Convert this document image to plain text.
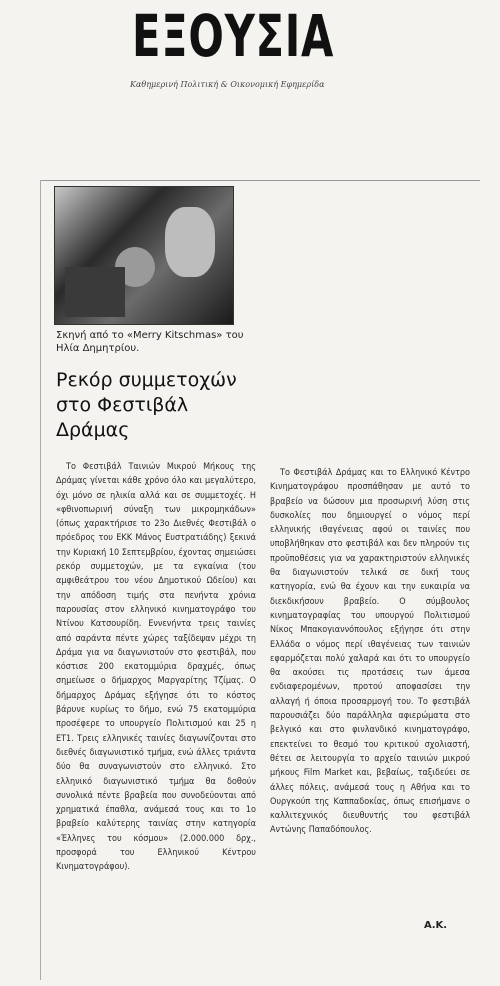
ΕΞΟΥΣΙΑ
Καθημερινή Πολιτική & Οικονομική Εφημερίδα
Σκηνή από το «Merry Kitschmas» του Ηλία Δημητρίου.
Ρεκόρ συμμετοχών στο Φεστιβάλ Δράμας

Το Φεστιβάλ Ταινιών Μικρού Μήκους της Δράμας γίνεται κάθε χρόνο όλο και μεγαλύτερο, όχι μόνο σε ηλικία αλλά και σε συμμετοχές. Η «φθινοπωρινή σύναξη των μικρομηκάδων» (όπως χαρακτήρισε το 23ο Διεθνές Φεστιβάλ ο πρόεδρος του ΕΚΚ Μάνος Ευστρατιάδης) ξεκινά την Κυριακή 10 Σεπτεμβρίου, έχοντας σημειώσει ρεκόρ συμμετοχών, με τα εγκαίνια (του αμφιθεάτρου του νέου Δημοτικού Ωδείου) και την απόδοση τιμής στα πενήντα χρόνια παρουσίας στον ελληνικό κινηματογράφο του Ντίνου Κατσουρίδη. Εννενήντα τρεις ταινίες από σαράντα πέντε χώρες ταξίδεψαν μέχρι τη Δράμα για να διαγωνιστούν στο φεστιβάλ, που κόστισε 200 εκατομμύρια δραχμές, όπως σημείωσε ο δήμαρχος Μαργαρίτης Τζίμας. Ο δήμαρχος Δράμας εξήγησε ότι το κόστος βάρυνε κυρίως το δήμο, ενώ 75 εκατομμύρια προσέφερε το υπουργείο Πολιτισμού και 25 η ΕΤ1. Τρεις ελληνικές ταινίες διαγωνίζονται στο διεθνές διαγωνιστικό τμήμα, ενώ άλλες τριάντα δύο θα συναγωνιστούν στο ελληνικό. Στο ελληνικό διαγωνιστικό τμήμα θα δοθούν συνολικά πέντε βραβεία που συνοδεύονται από χρηματικά έπαθλα, ανάμεσά τους και το 1ο βραβείο καλύτερης ταινίας στην κατηγορία «Έλληνες του κόσμου» (2.000.000 δρχ., προσφορά του Ελληνικού Κέντρου Κινηματογράφου).

Το Φεστιβάλ Δράμας και το Ελληνικό Κέντρο Κινηματογράφου προσπάθησαν με αυτό το βραβείο να δώσουν μια προσωρινή λύση στις δυσκολίες που δημιουργεί ο νόμος περί ελληνικής ιθαγένειας αφού οι ταινίες που υποβλήθηκαν στο φεστιβάλ και δεν πληρούν τις προϋποθέσεις για να χαρακτηριστούν ελληνικές θα διαγωνιστούν τελικά σε δική τους κατηγορία, ενώ θα έχουν και την ευκαιρία να διεκδικήσουν βραβείο. Ο σύμβουλος κινηματογραφίας του υπουργού Πολιτισμού Νίκος Μπακογιαννόπουλος εξήγησε ότι στην Ελλάδα ο νόμος περί ιθαγένειας των ταινιών εφαρμόζεται πολύ χαλαρά και ότι το υπουργείο θα ακούσει τις προτάσεις των άμεσα ενδιαφερομένων, προτού αποφασίσει την αλλαγή ή όποια προσαρμογή του. Το φεστιβάλ παρουσιάζει δύο παράλληλα αφιερώματα στο βελγικό και στο φινλανδικό κινηματογράφο, επεκτείνει το θεσμό του κριτικού σχολιαστή, θέτει σε λειτουργία το αρχείο ταινιών μικρού μήκους Film Market και, βεβαίως, ταξιδεύει σε άλλες πόλεις, ανάμεσά τους η Αθήνα και το Ουργκούπ της Καππαδοκίας, όπως επισήμανε ο καλλιτεχνικός διευθυντής του φεστιβάλ Αντώνης Παπαδόπουλος.

Α.Κ.
